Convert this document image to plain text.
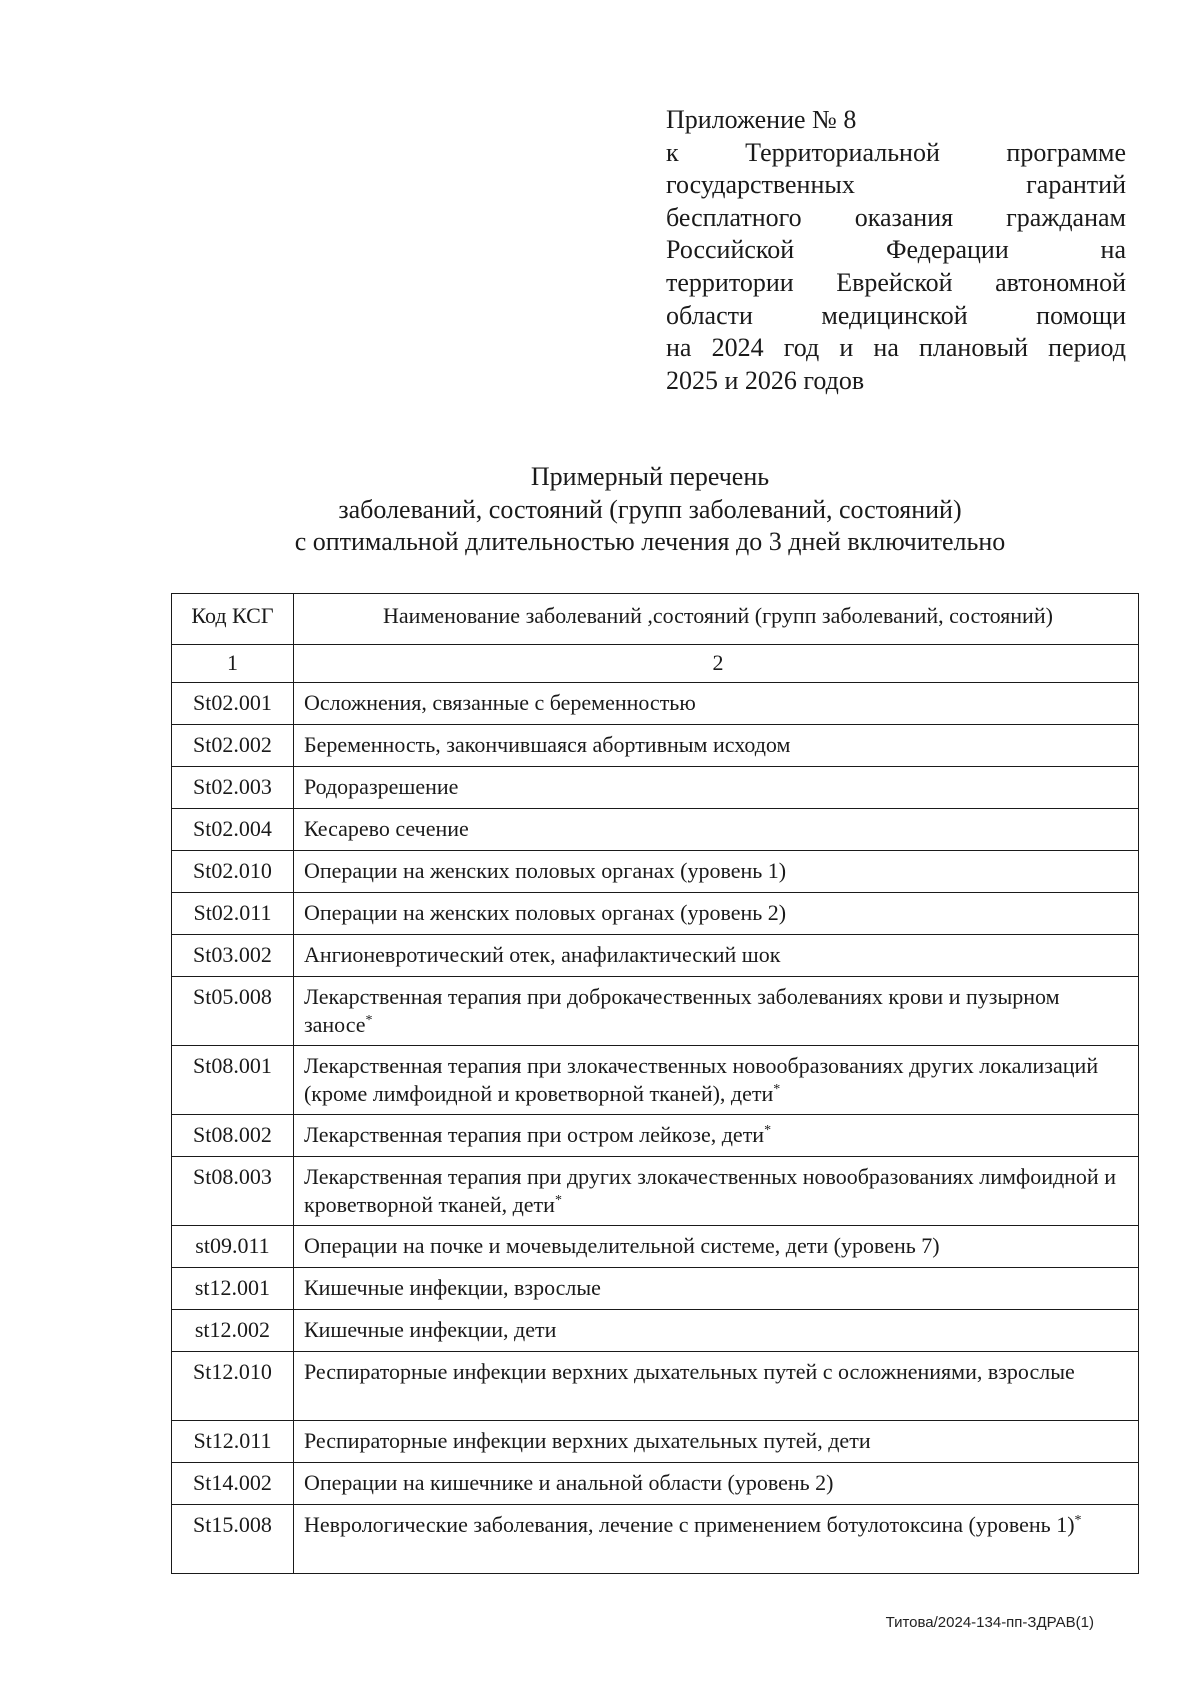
Приложение № 8
к Территориальной программе
государственных гарантий
бесплатного оказания гражданам
Российской Федерации на
территории Еврейской автономной
области медицинской помощи
на 2024 год и на плановый период
2025 и 2026 годов
Примерный перечень
заболеваний, состояний (групп заболеваний, состояний)
с оптимальной длительностью лечения до 3 дней включительно
Код КСГ	Наименование заболеваний ,состояний (групп заболеваний, состояний)
1	2
St02.001	Осложнения, связанные с беременностью
St02.002	Беременность, закончившаяся абортивным исходом
St02.003	Родоразрешение
St02.004	Кесарево сечение
St02.010	Операции на женских половых органах (уровень 1)
St02.011	Операции на женских половых органах (уровень 2)
St03.002	Ангионевротический отек, анафилактический шок
St05.008	Лекарственная терапия при доброкачественных заболеваниях крови и пузырном заносе*
St08.001	Лекарственная терапия при злокачественных новообразованиях других локализаций (кроме лимфоидной и кроветворной тканей), дети*
St08.002	Лекарственная терапия при остром лейкозе, дети*
St08.003	Лекарственная терапия при других злокачественных новообразованиях лимфоидной и кроветворной тканей, дети*
st09.011	Операции на почке и мочевыделительной системе, дети (уровень 7)
st12.001	Кишечные инфекции, взрослые
st12.002	Кишечные инфекции, дети
St12.010	Респираторные инфекции верхних дыхательных путей с осложнениями, взрослые
St12.011	Респираторные инфекции верхних дыхательных путей, дети
St14.002	Операции на кишечнике и анальной области (уровень 2)
St15.008	Неврологические заболевания, лечение с применением ботулотоксина (уровень 1)*
Титова/2024-134-пп-ЗДРАВ(1)
